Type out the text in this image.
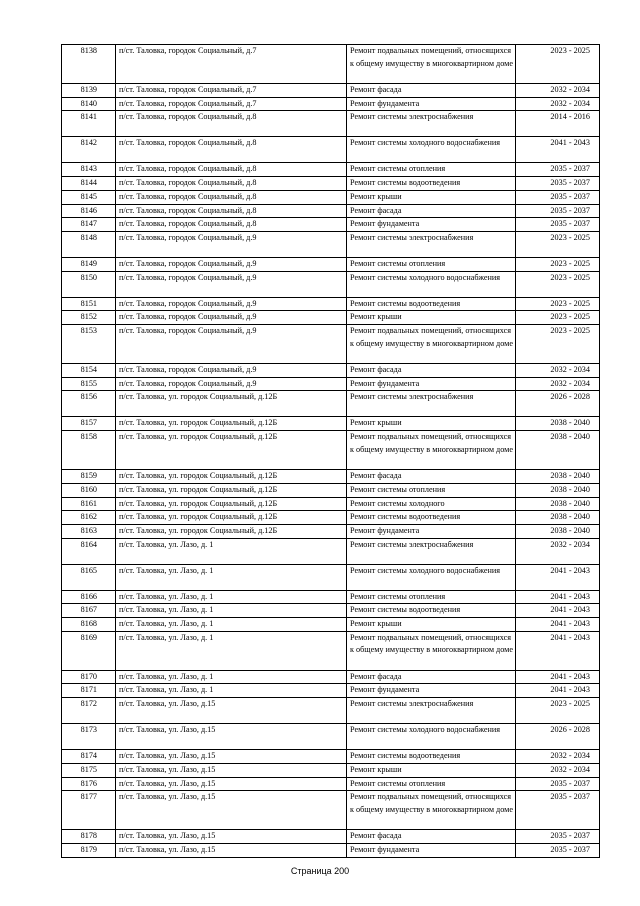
8138	п/ст. Таловка, городок Социальный, д.7	Ремонт подвальных помещений, относящихся к общему имуществу в многоквартирном доме	2023 - 2025
8139	п/ст. Таловка, городок Социальный, д.7	Ремонт фасада	2032 - 2034
8140	п/ст. Таловка, городок Социальный, д.7	Ремонт фундамента	2032 - 2034
8141	п/ст. Таловка, городок Социальный, д.8	Ремонт системы электроснабжения	2014 - 2016
8142	п/ст. Таловка, городок Социальный, д.8	Ремонт системы холодного водоснабжения	2041 - 2043
8143	п/ст. Таловка, городок Социальный, д.8	Ремонт системы отопления	2035 - 2037
8144	п/ст. Таловка, городок Социальный, д.8	Ремонт системы водоотведения	2035 - 2037
8145	п/ст. Таловка, городок Социальный, д.8	Ремонт крыши	2035 - 2037
8146	п/ст. Таловка, городок Социальный, д.8	Ремонт фасада	2035 - 2037
8147	п/ст. Таловка, городок Социальный, д.8	Ремонт фундамента	2035 - 2037
8148	п/ст. Таловка, городок Социальный, д.9	Ремонт системы электроснабжения	2023 - 2025
8149	п/ст. Таловка, городок Социальный, д.9	Ремонт системы отопления	2023 - 2025
8150	п/ст. Таловка, городок Социальный, д.9	Ремонт системы холодного водоснабжения	2023 - 2025
8151	п/ст. Таловка, городок Социальный, д.9	Ремонт системы водоотведения	2023 - 2025
8152	п/ст. Таловка, городок Социальный, д.9	Ремонт крыши	2023 - 2025
8153	п/ст. Таловка, городок Социальный, д.9	Ремонт подвальных помещений, относящихся к общему имуществу в многоквартирном доме	2023 - 2025
8154	п/ст. Таловка, городок Социальный, д.9	Ремонт фасада	2032 - 2034
8155	п/ст. Таловка, городок Социальный, д.9	Ремонт фундамента	2032 - 2034
8156	п/ст. Таловка, ул. городок Социальный, д.12Б	Ремонт системы электроснабжения	2026 - 2028
8157	п/ст. Таловка, ул. городок Социальный, д.12Б	Ремонт крыши	2038 - 2040
8158	п/ст. Таловка, ул. городок Социальный, д.12Б	Ремонт подвальных помещений, относящихся к общему имуществу в многоквартирном доме	2038 - 2040
8159	п/ст. Таловка, ул. городок Социальный, д.12Б	Ремонт фасада	2038 - 2040
8160	п/ст. Таловка, ул. городок Социальный, д.12Б	Ремонт системы отопления	2038 - 2040
8161	п/ст. Таловка, ул. городок Социальный, д.12Б	Ремонт системы холодного	2038 - 2040
8162	п/ст. Таловка, ул. городок Социальный, д.12Б	Ремонт системы водоотведения	2038 - 2040
8163	п/ст. Таловка, ул. городок Социальный, д.12Б	Ремонт фундамента	2038 - 2040
8164	п/ст. Таловка, ул. Лазо, д. 1	Ремонт системы электроснабжения	2032 - 2034
8165	п/ст. Таловка, ул. Лазо, д. 1	Ремонт системы холодного водоснабжения	2041 - 2043
8166	п/ст. Таловка, ул. Лазо, д. 1	Ремонт системы отопления	2041 - 2043
8167	п/ст. Таловка, ул. Лазо, д. 1	Ремонт системы водоотведения	2041 - 2043
8168	п/ст. Таловка, ул. Лазо, д. 1	Ремонт крыши	2041 - 2043
8169	п/ст. Таловка, ул. Лазо, д. 1	Ремонт подвальных помещений, относящихся к общему имуществу в многоквартирном доме	2041 - 2043
8170	п/ст. Таловка, ул. Лазо, д. 1	Ремонт фасада	2041 - 2043
8171	п/ст. Таловка, ул. Лазо, д. 1	Ремонт фундамента	2041 - 2043
8172	п/ст. Таловка, ул. Лазо, д.15	Ремонт системы электроснабжения	2023 - 2025
8173	п/ст. Таловка, ул. Лазо, д.15	Ремонт системы холодного водоснабжения	2026 - 2028
8174	п/ст. Таловка, ул. Лазо, д.15	Ремонт системы водоотведения	2032 - 2034
8175	п/ст. Таловка, ул. Лазо, д.15	Ремонт крыши	2032 - 2034
8176	п/ст. Таловка, ул. Лазо, д.15	Ремонт системы отопления	2035 - 2037
8177	п/ст. Таловка, ул. Лазо, д.15	Ремонт подвальных помещений, относящихся к общему имуществу в многоквартирном доме	2035 - 2037
8178	п/ст. Таловка, ул. Лазо, д.15	Ремонт фасада	2035 - 2037
8179	п/ст. Таловка, ул. Лазо, д.15	Ремонт фундамента	2035 - 2037
Страница 200
